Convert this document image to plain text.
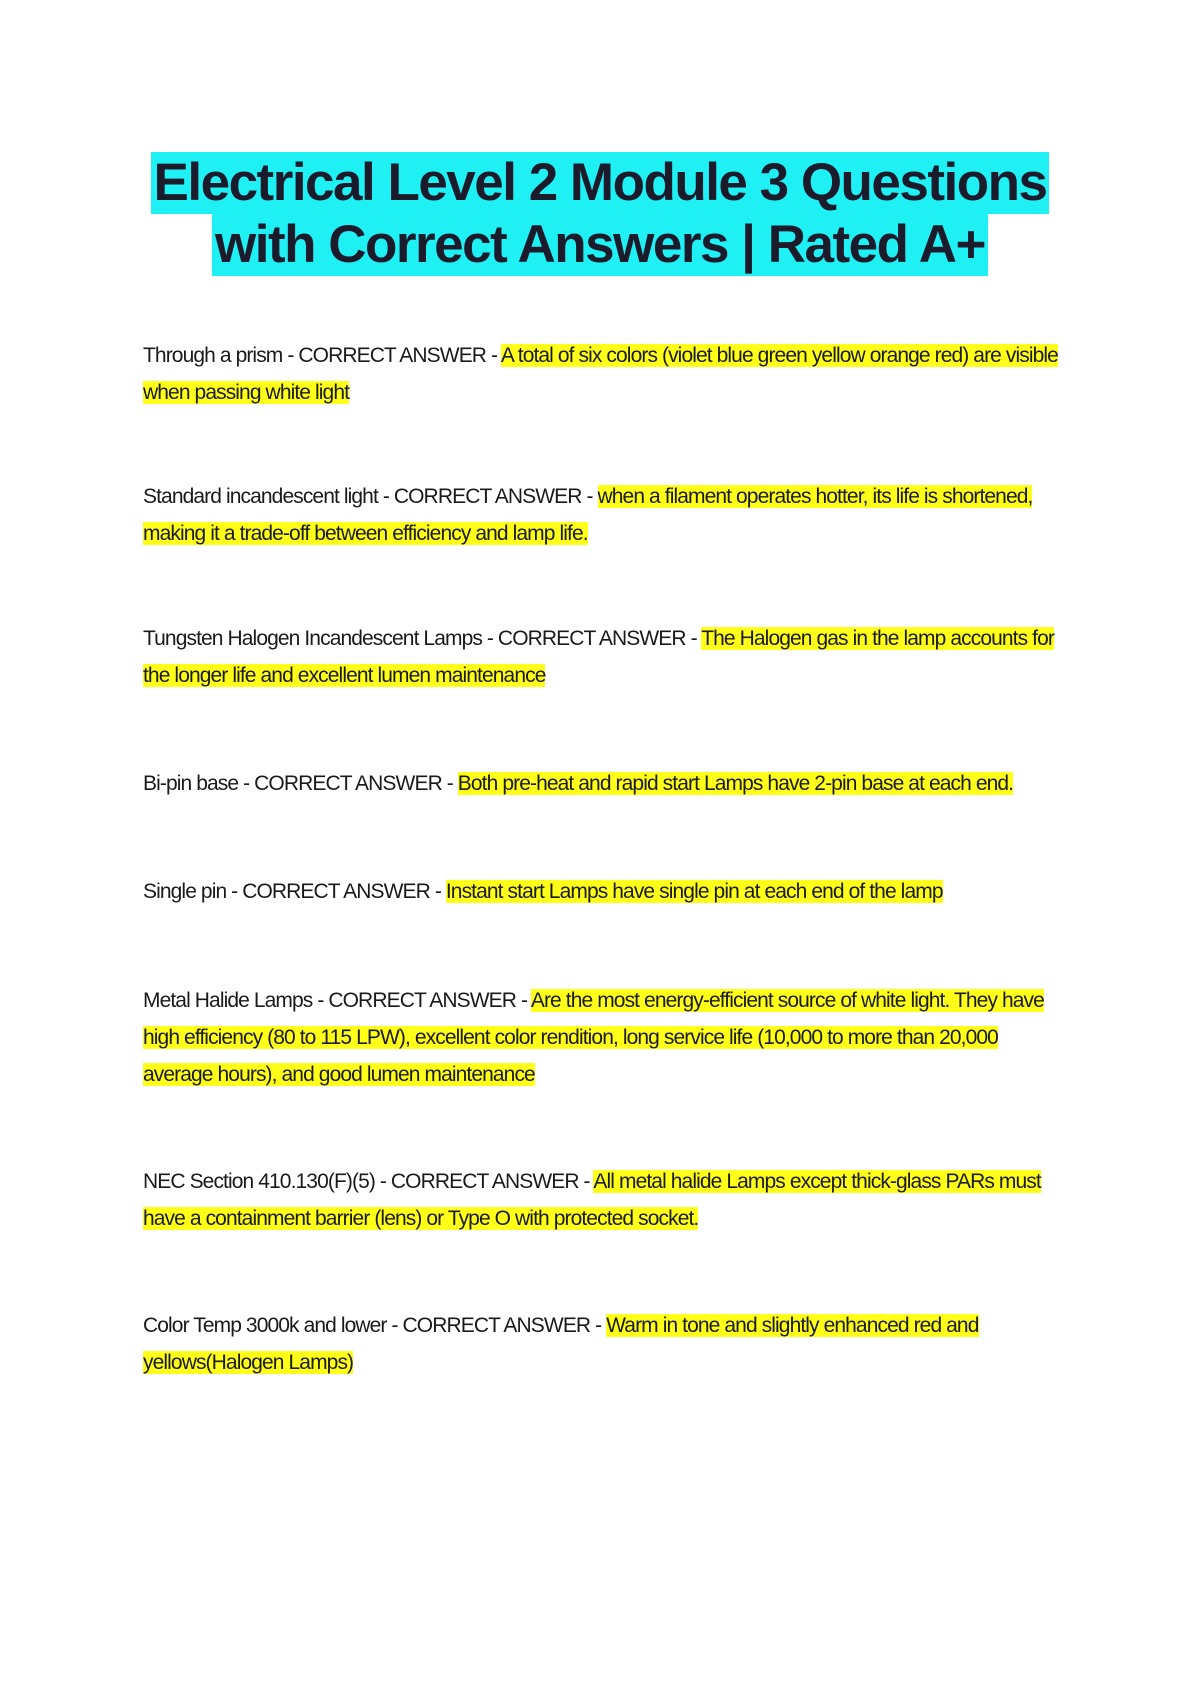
Electrical Level 2 Module 3 Questions
with Correct Answers | Rated A+

Through a prism - CORRECT ANSWER - A total of six colors (violet blue green yellow orange red) are visible when passing white light

Standard incandescent light - CORRECT ANSWER - when a filament operates hotter, its life is shortened, making it a trade-off between efficiency and lamp life.

Tungsten Halogen Incandescent Lamps - CORRECT ANSWER - The Halogen gas in the lamp accounts for the longer life and excellent lumen maintenance

Bi-pin base - CORRECT ANSWER - Both pre-heat and rapid start Lamps have 2-pin base at each end.

Single pin - CORRECT ANSWER - Instant start Lamps have single pin at each end of the lamp

Metal Halide Lamps - CORRECT ANSWER - Are the most energy-efficient source of white light. They have high efficiency (80 to 115 LPW), excellent color rendition, long service life (10,000 to more than 20,000 average hours), and good lumen maintenance

NEC Section 410.130(F)(5) - CORRECT ANSWER - All metal halide Lamps except thick-glass PARs must have a containment barrier (lens) or Type O with protected socket.

Color Temp 3000k and lower - CORRECT ANSWER - Warm in tone and slightly enhanced red and yellows(Halogen Lamps)
